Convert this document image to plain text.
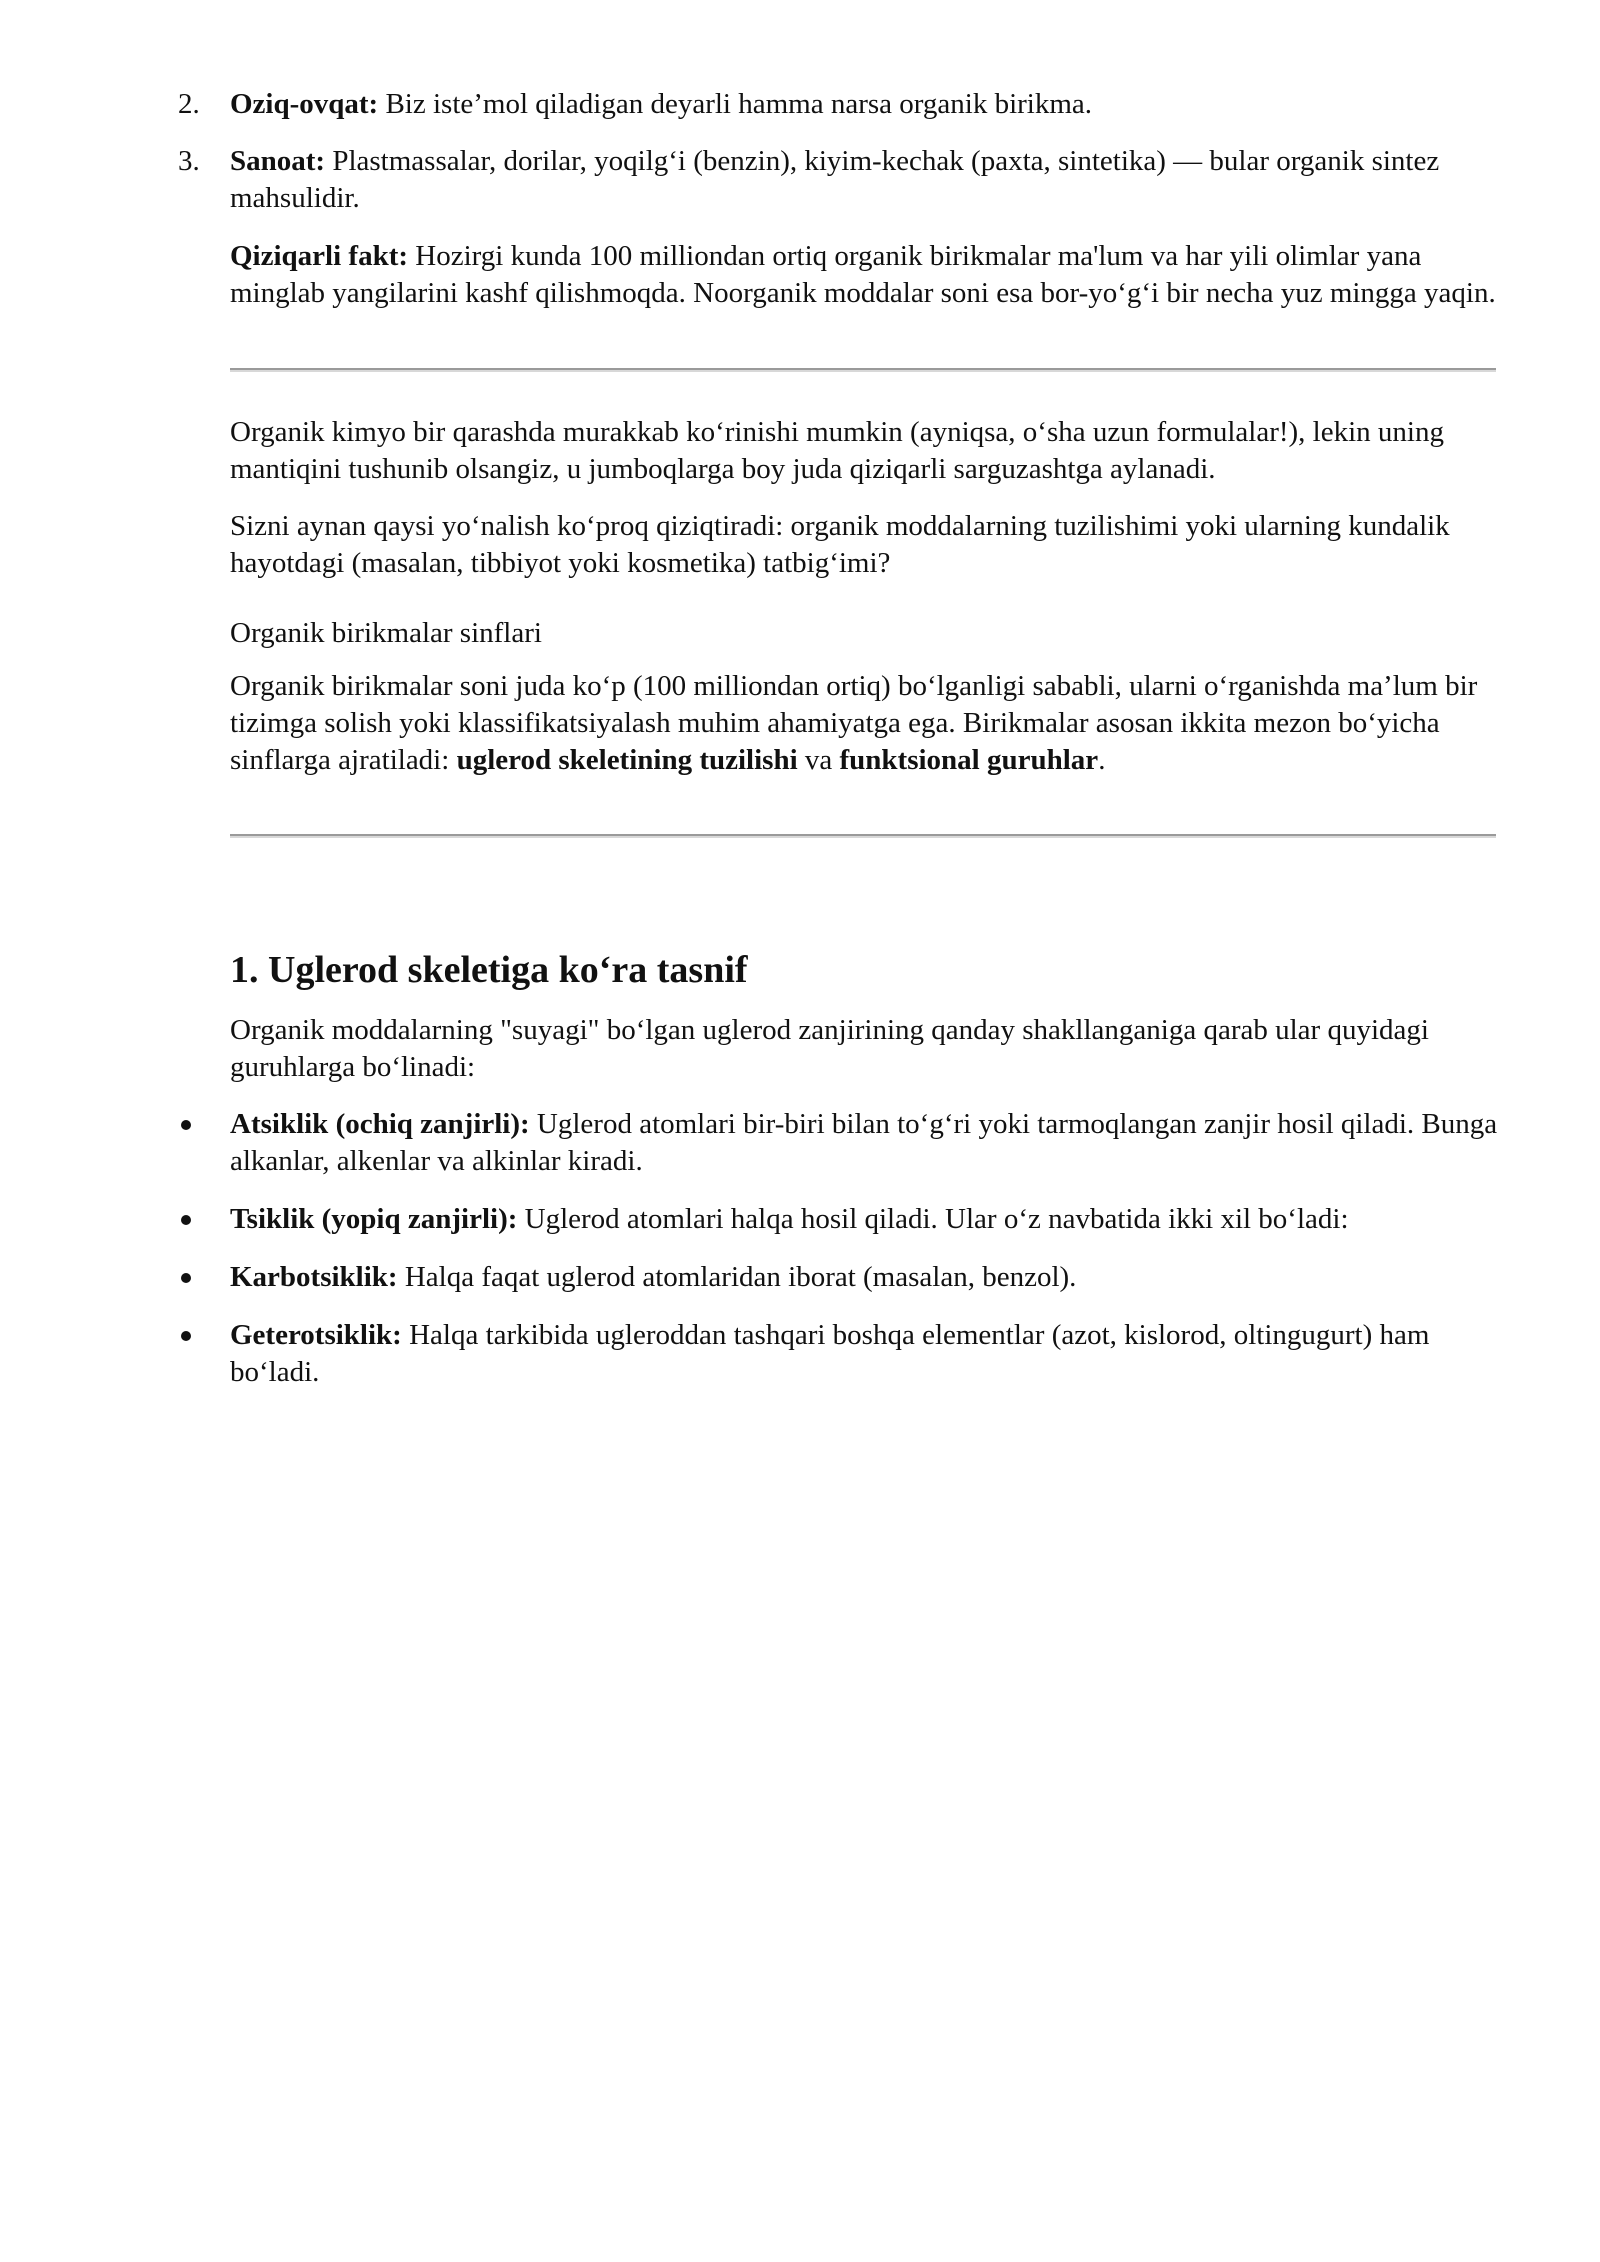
2. Oziq-ovqat: Biz iste’mol qiladigan deyarli hamma narsa organik birikma.

3. Sanoat: Plastmassalar, dorilar, yoqilg‘i (benzin), kiyim-kechak (paxta, sintetika) — bular organik sintez mahsulidir.

Qiziqarli fakt: Hozirgi kunda 100 milliondan ortiq organik birikmalar ma'lum va har yili olimlar yana minglab yangilarini kashf qilishmoqda. Noorganik moddalar soni esa bor-yo‘g‘i bir necha yuz mingga yaqin.

Organik kimyo bir qarashda murakkab ko‘rinishi mumkin (ayniqsa, o‘sha uzun formulalar!), lekin uning mantiqini tushunib olsangiz, u jumboqlarga boy juda qiziqarli sarguzashtga aylanadi.

Sizni aynan qaysi yo‘nalish ko‘proq qiziqtiradi: organik moddalarning tuzilishimi yoki ularning kundalik hayotdagi (masalan, tibbiyot yoki kosmetika) tatbig‘imi?

Organik birikmalar sinflari

Organik birikmalar soni juda ko‘p (100 milliondan ortiq) bo‘lganligi sababli, ularni o‘rganishda ma’lum bir tizimga solish yoki klassifikatsiyalash muhim ahamiyatga ega. Birikmalar asosan ikkita mezon bo‘yicha sinflarga ajratiladi: uglerod skeletining tuzilishi va funktsional guruhlar.

1. Uglerod skeletiga ko‘ra tasnif

Organik moddalarning "suyagi" bo‘lgan uglerod zanjirining qanday shakllanganiga qarab ular quyidagi guruhlarga bo‘linadi:

Atsiklik (ochiq zanjirli): Uglerod atomlari bir-biri bilan to‘g‘ri yoki tarmoqlangan zanjir hosil qiladi. Bunga alkanlar, alkenlar va alkinlar kiradi.

Tsiklik (yopiq zanjirli): Uglerod atomlari halqa hosil qiladi. Ular o‘z navbatida ikki xil bo‘ladi:

Karbotsiklik: Halqa faqat uglerod atomlaridan iborat (masalan, benzol).

Geterotsiklik: Halqa tarkibida ugleroddan tashqari boshqa elementlar (azot, kislorod, oltingugurt) ham bo‘ladi.
